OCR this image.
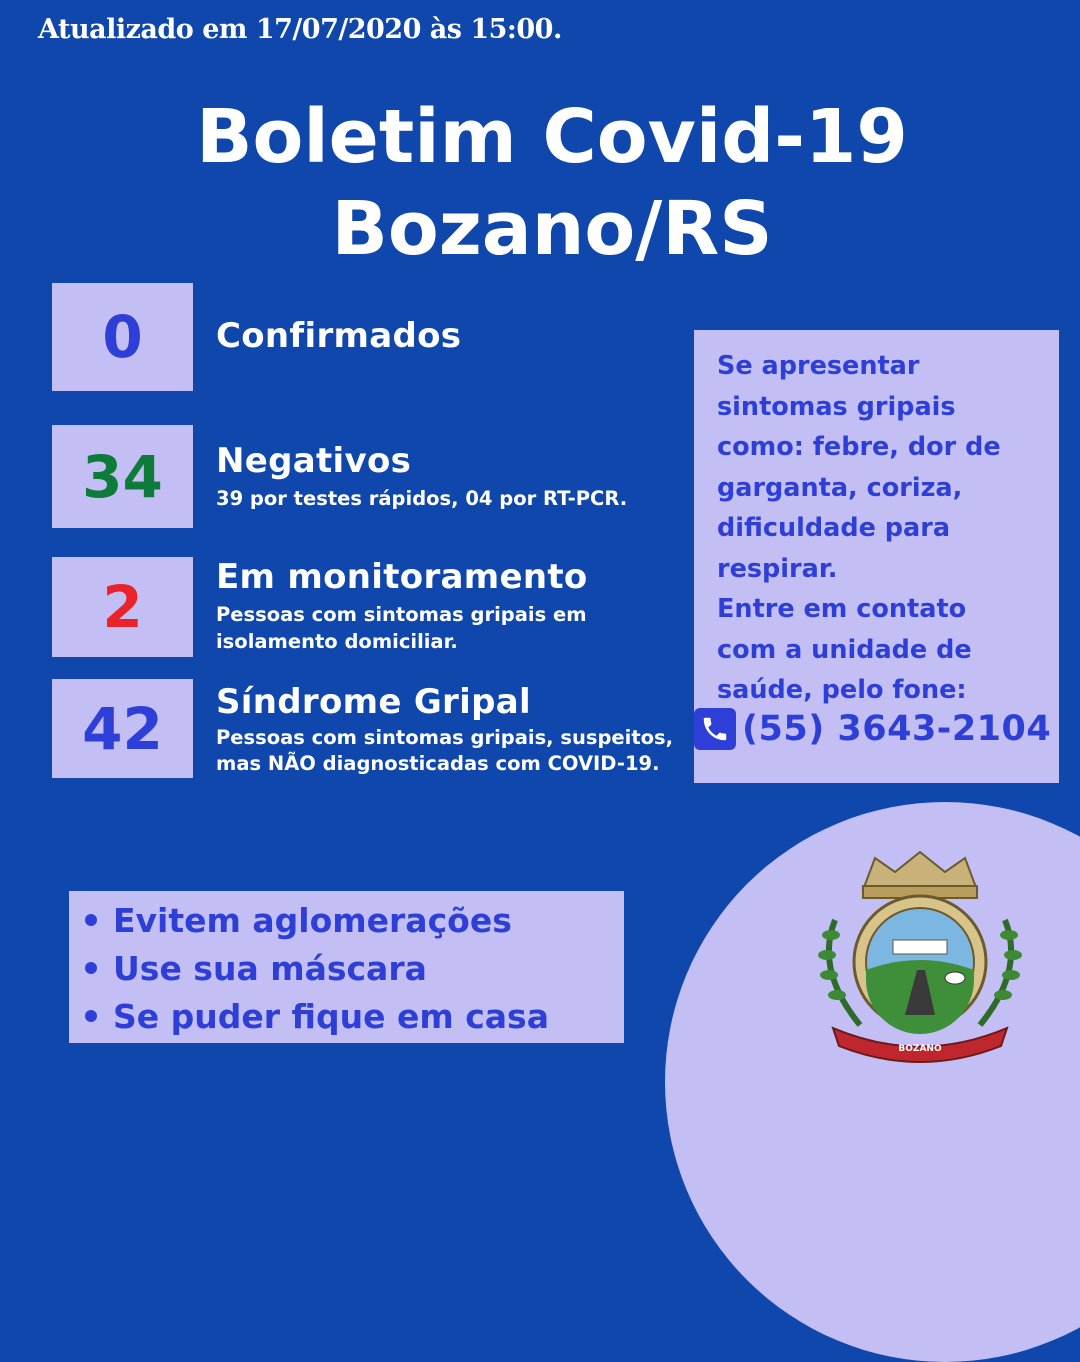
Atualizado em 17/07/2020 às 15:00.
Boletim Covid-19
Bozano/RS
0	Confirmados
34	Negativos
39 por testes rápidos, 04 por RT-PCR.
2	Em monitoramento
Pessoas com sintomas gripais em
isolamento domiciliar.
42	Síndrome Gripal
Pessoas com sintomas gripais, suspeitos,
mas NÃO diagnosticadas com COVID-19.
Se apresentar
sintomas gripais
como: febre, dor de
garganta, coriza,
dificuldade para
respirar.
Entre em contato
com a unidade de
saúde, pelo fone:
(55) 3643-2104
BOZANO
Evitem aglomerações
Use sua máscara
Se puder fique em casa
